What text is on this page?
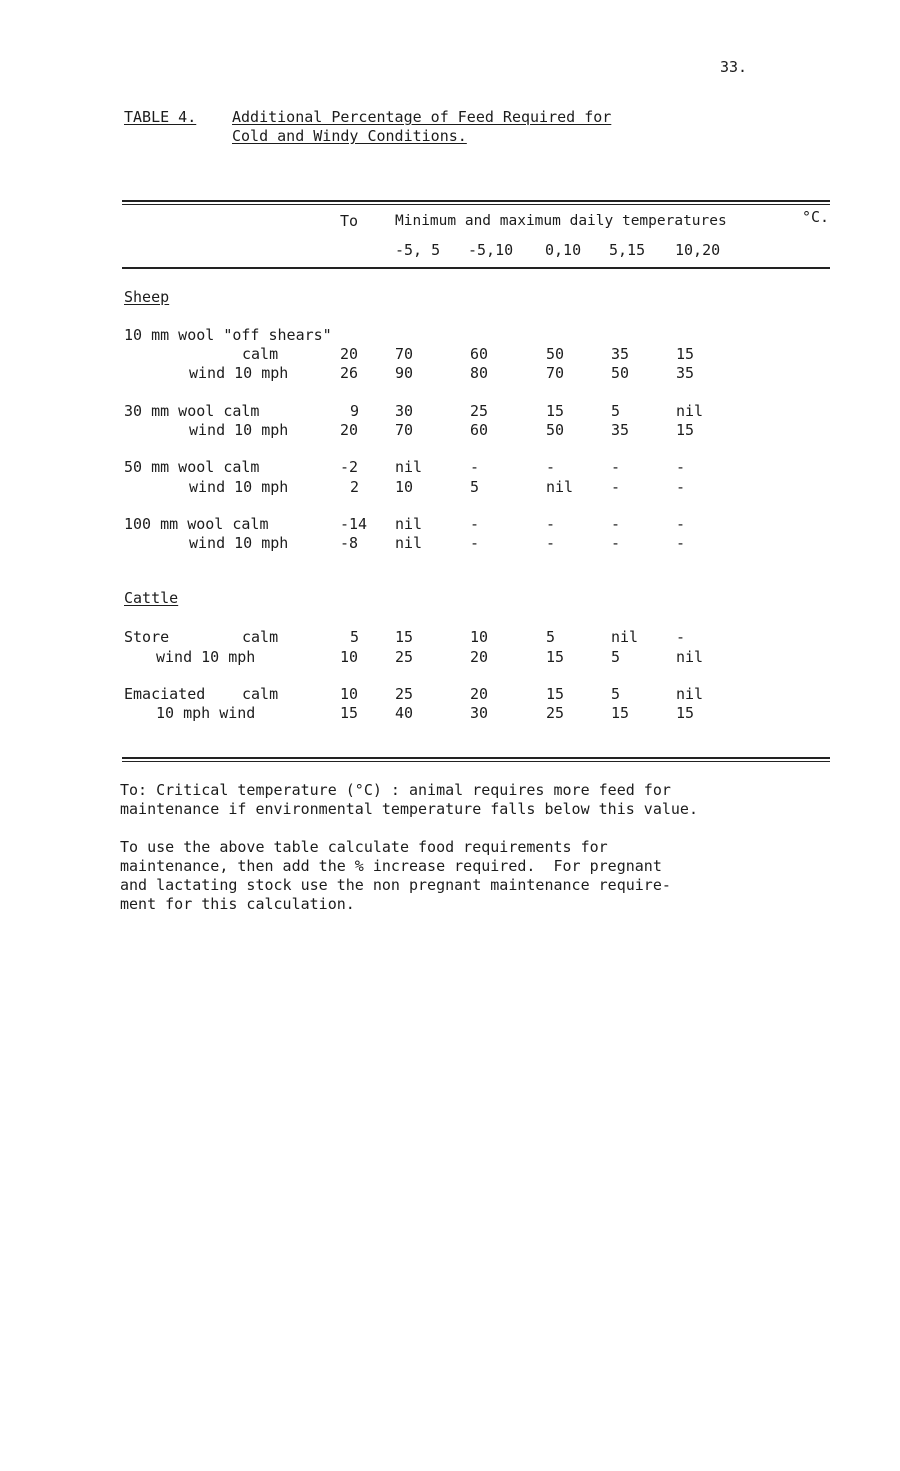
33.
TABLE 4. Additional Percentage of Feed Required for
Cold and Windy Conditions.
To	Minimum and maximum daily temperatures	°C.
-5, 5 -5,10 0,10 5,15 10,20
Sheep
10 mm wool "off shears"
calm	20 70	60	50	35	15
wind 10 mph	26 90	80	70	50	35
30 mm wool calm	9 30	25	15	5	nil
wind 10 mph	20 70	60	50	35	15
50 mm wool calm	-2 nil	-	-	-	-
wind 10 mph	2 10	5	nil	-	-
100 mm wool calm	-14 nil	-	-	-	-
wind 10 mph	-8 nil	-	-	-	-
Cattle
Store	calm	5 15	10	5	nil	-
wind 10 mph	10 25	20	15	5	nil
Emaciated calm	10 25	20	15	5	nil
10 mph wind	15 40	30	25	15	15
To: Critical temperature (°C) : animal requires more feed for
maintenance if environmental temperature falls below this value.
To use the above table calculate food requirements for
maintenance, then add the % increase required.  For pregnant
and lactating stock use the non pregnant maintenance require-
ment for this calculation.
